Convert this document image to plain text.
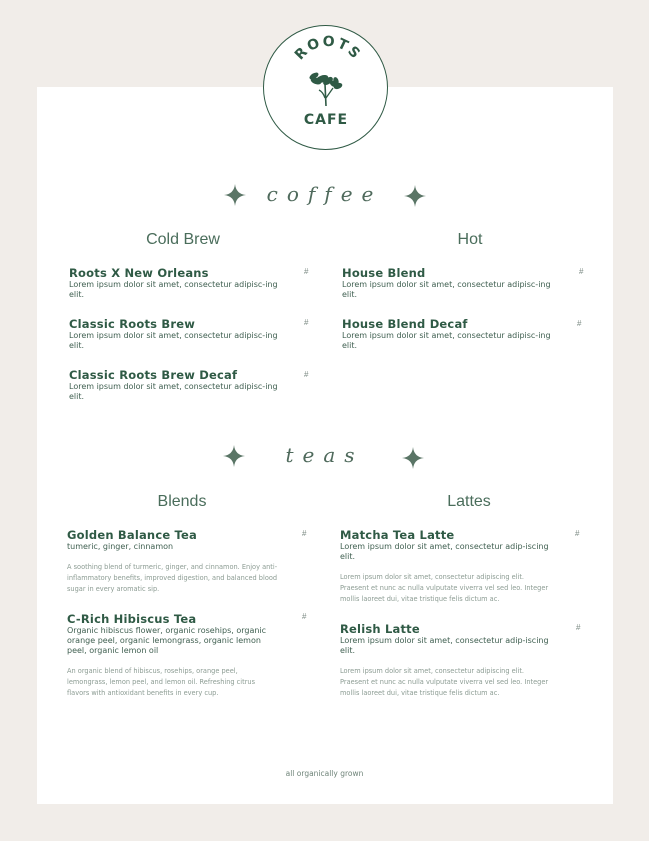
ROOTS
CAFE
coffee
Cold Brew	Hot
Roots X New Orleans
Lorem ipsum dolor sit amet, consectetur adipisc-ing elit.
#
Classic Roots Brew
Lorem ipsum dolor sit amet, consectetur adipisc-ing elit.
#
Classic Roots Brew Decaf
Lorem ipsum dolor sit amet, consectetur adipisc-ing elit.
#
House Blend
Lorem ipsum dolor sit amet, consectetur adipisc-ing elit.
#
House Blend Decaf
Lorem ipsum dolor sit amet, consectetur adipisc-ing elit.
#
teas
Blends	Lattes
Golden Balance Tea
tumeric, ginger, cinnamon
A soothing blend of turmeric, ginger, and cinnamon. Enjoy anti-inflammatory benefits, improved digestion, and balanced blood sugar in every aromatic sip.
#
C-Rich Hibiscus Tea
Organic hibiscus flower, organic rosehips, organic orange peel, organic lemongrass, organic lemon peel, organic lemon oil
An organic blend of hibiscus, rosehips, orange peel, lemongrass, lemon peel, and lemon oil. Refreshing citrus flavors with antioxidant benefits in every cup.
#
Matcha Tea Latte
Lorem ipsum dolor sit amet, consectetur adip-iscing elit.
Lorem ipsum dolor sit amet, consectetur adipiscing elit. Praesent et nunc ac nulla vulputate viverra vel sed leo. Integer mollis laoreet dui, vitae tristique felis dictum ac.
#
Relish Latte
Lorem ipsum dolor sit amet, consectetur adip-iscing elit.
Lorem ipsum dolor sit amet, consectetur adipiscing elit. Praesent et nunc ac nulla vulputate viverra vel sed leo. Integer mollis laoreet dui, vitae tristique felis dictum ac.
#
all organically grown
